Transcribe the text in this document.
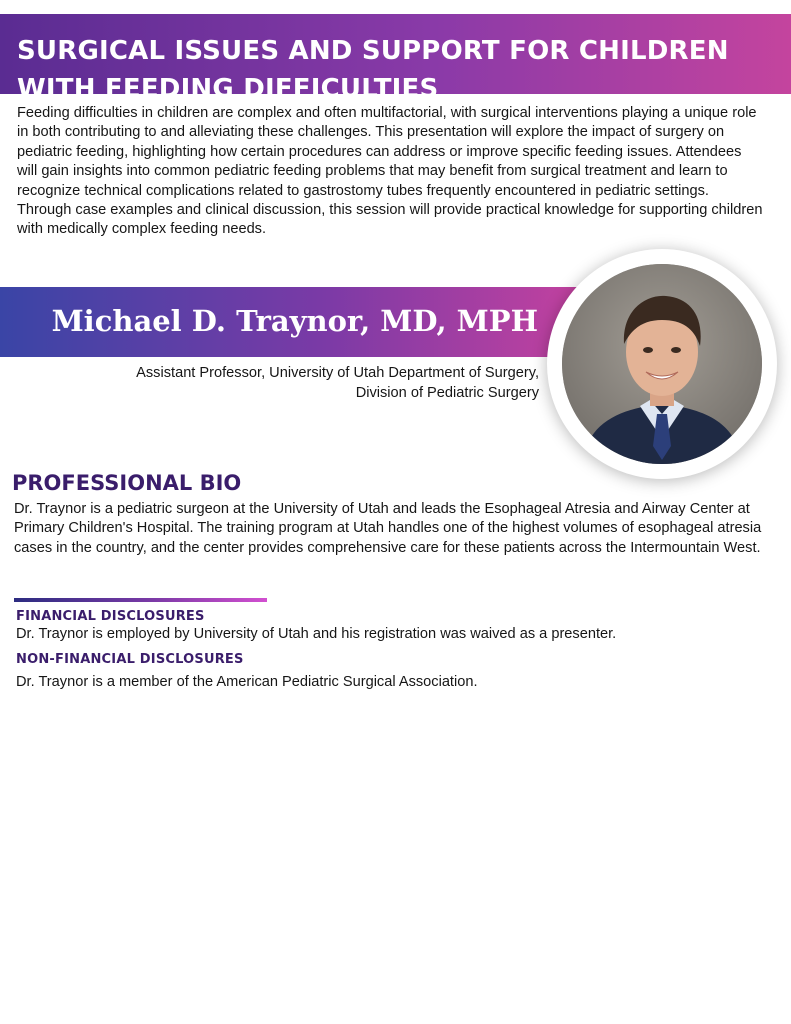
SURGICAL ISSUES AND SUPPORT FOR CHILDREN WITH FEEDING DIFFICULTIES

Feeding difficulties in children are complex and often multifactorial, with surgical interventions playing a unique role in both contributing to and alleviating these challenges. This presentation will explore the impact of surgery on pediatric feeding, highlighting how certain procedures can address or improve specific feeding issues. Attendees will gain insights into common pediatric feeding problems that may benefit from surgical treatment and learn to recognize technical complications related to gastrostomy tubes frequently encountered in pediatric settings. Through case examples and clinical discussion, this session will provide practical knowledge for supporting children with medically complex feeding needs.

Michael D. Traynor, MD, MPH
Assistant Professor, University of Utah Department of Surgery,
Division of Pediatric Surgery
PROFESSIONAL BIO

Dr. Traynor is a pediatric surgeon at the University of Utah and leads the Esophageal Atresia and Airway Center at Primary Children's Hospital. The training program at Utah handles one of the highest volumes of esophageal atresia cases in the country, and the center provides comprehensive care for these patients across the Intermountain West.

FINANCIAL DISCLOSURES

Dr. Traynor is employed by University of Utah and his registration was waived as a presenter.

NON-FINANCIAL DISCLOSURES

Dr. Traynor is a member of the American Pediatric Surgical Association.
